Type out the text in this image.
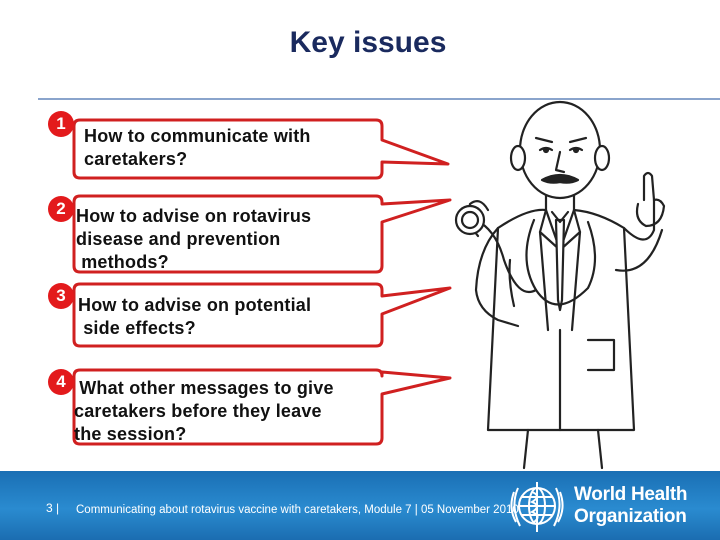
Key issues
1
2
3
4
How to communicate with
caretakers?
How to advise on rotavirus
disease and prevention
methods?
How to advise on potential
side effects?
What other messages to give
caretakers before they leave
the session?
3 | Communicating about rotavirus vaccine with caretakers, Module 7 | 05 November 2010
World Health
Organization
